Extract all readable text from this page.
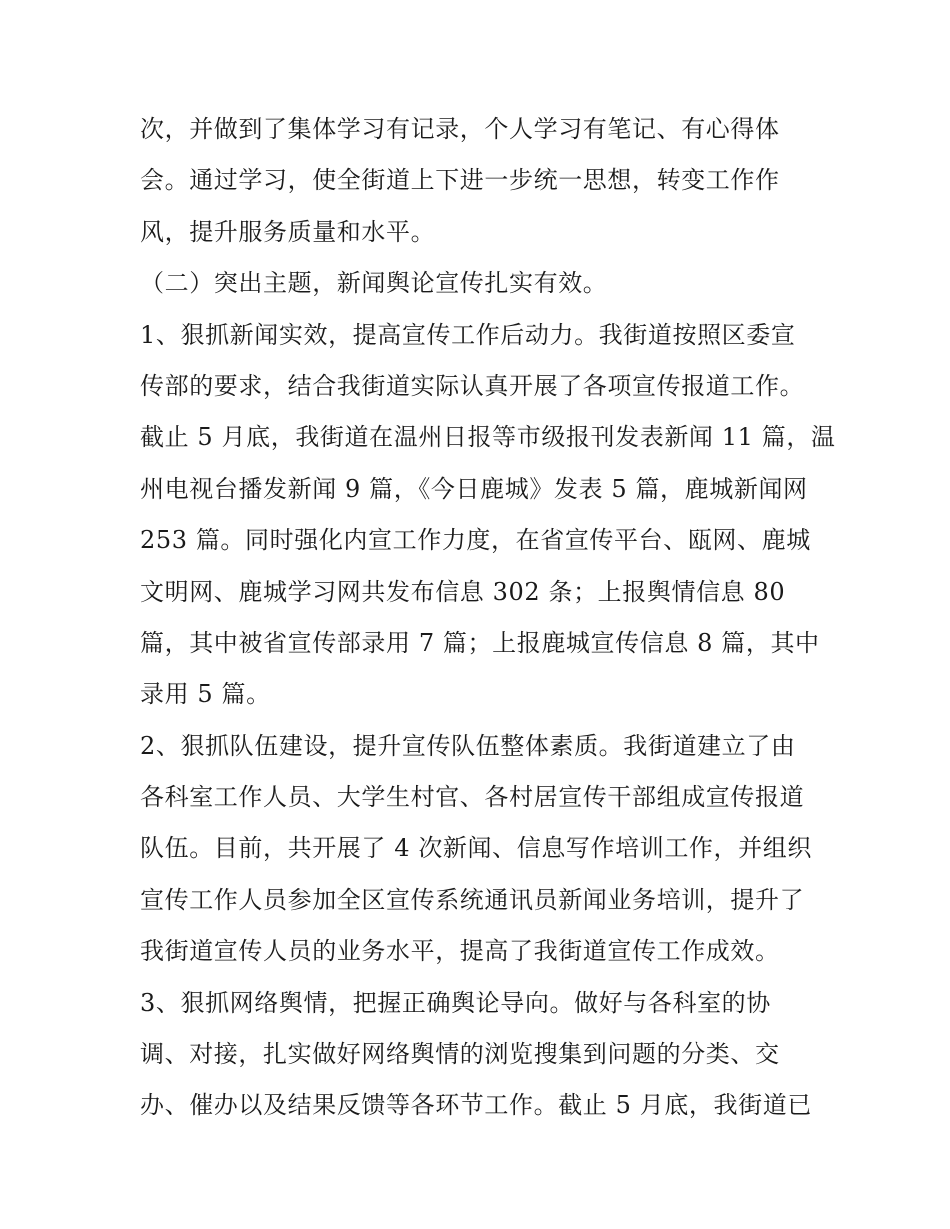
次，并做到了集体学习有记录，个人学习有笔记、有心得体
会。通过学习，使全街道上下进一步统一思想，转变工作作
风，提升服务质量和水平。
（二）突出主题，新闻舆论宣传扎实有效。
1、狠抓新闻实效，提高宣传工作后动力。我街道按照区委宣
传部的要求，结合我街道实际认真开展了各项宣传报道工作。
截止 5 月底，我街道在温州日报等市级报刊发表新闻 11 篇，温
州电视台播发新闻 9 篇，《今日鹿城》发表 5 篇，鹿城新闻网
253 篇。同时强化内宣工作力度，在省宣传平台、瓯网、鹿城
文明网、鹿城学习网共发布信息 302 条；上报舆情信息 80
篇，其中被省宣传部录用 7 篇；上报鹿城宣传信息 8 篇，其中
录用 5 篇。
2、狠抓队伍建设，提升宣传队伍整体素质。我街道建立了由
各科室工作人员、大学生村官、各村居宣传干部组成宣传报道
队伍。目前，共开展了 4 次新闻、信息写作培训工作，并组织
宣传工作人员参加全区宣传系统通讯员新闻业务培训，提升了
我街道宣传人员的业务水平，提高了我街道宣传工作成效。
3、狠抓网络舆情，把握正确舆论导向。做好与各科室的协
调、对接，扎实做好网络舆情的浏览搜集到问题的分类、交
办、催办以及结果反馈等各环节工作。截止 5 月底，我街道已
